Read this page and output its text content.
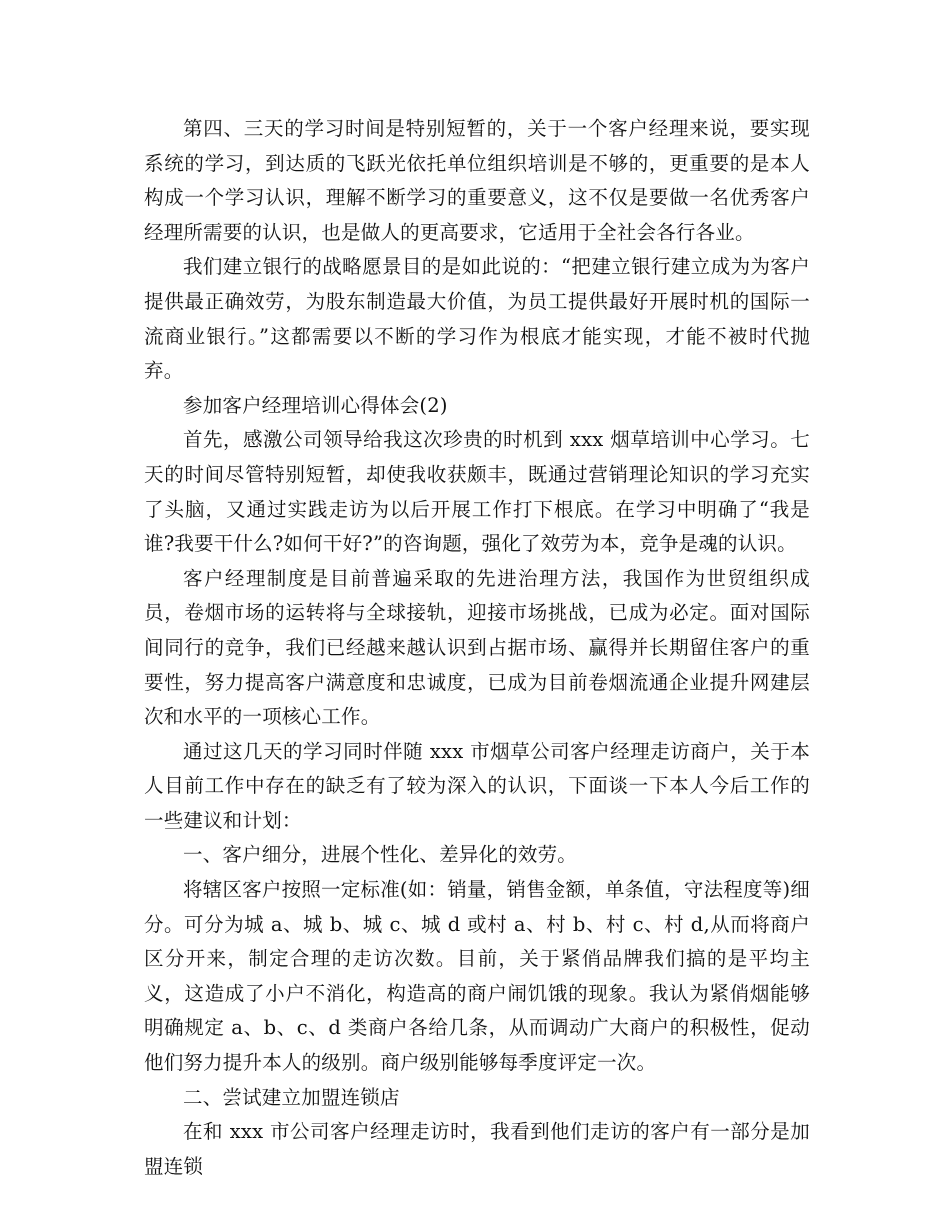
第四、三天的学习时间是特别短暂的，关于一个客户经理来说，要实现系统的学习，到达质的飞跃光依托单位组织培训是不够的，更重要的是本人构成一个学习认识，理解不断学习的重要意义，这不仅是要做一名优秀客户经理所需要的认识，也是做人的更高要求，它适用于全社会各行各业。

我们建立银行的战略愿景目的是如此说的：“把建立银行建立成为为客户提供最正确效劳，为股东制造最大价值，为员工提供最好开展时机的国际一流商业银行。”这都需要以不断的学习作为根底才能实现，才能不被时代抛弃。

参加客户经理培训心得体会(2)

首先，感激公司领导给我这次珍贵的时机到 xxx 烟草培训中心学习。七天的时间尽管特别短暂，却使我收获颇丰，既通过营销理论知识的学习充实了头脑，又通过实践走访为以后开展工作打下根底。在学习中明确了“我是谁?我要干什么?如何干好?”的咨询题，强化了效劳为本，竞争是魂的认识。

客户经理制度是目前普遍采取的先进治理方法，我国作为世贸组织成员，卷烟市场的运转将与全球接轨，迎接市场挑战，已成为必定。面对国际间同行的竞争，我们已经越来越认识到占据市场、赢得并长期留住客户的重要性，努力提高客户满意度和忠诚度，已成为目前卷烟流通企业提升网建层次和水平的一项核心工作。

通过这几天的学习同时伴随 xxx 市烟草公司客户经理走访商户，关于本人目前工作中存在的缺乏有了较为深入的认识，下面谈一下本人今后工作的一些建议和计划：

一、客户细分，进展个性化、差异化的效劳。

将辖区客户按照一定标准(如：销量，销售金额，单条值，守法程度等)细分。可分为城 a、城 b、城 c、城 d 或村 a、村 b、村 c、村 d,从而将商户区分开来，制定合理的走访次数。目前，关于紧俏品牌我们搞的是平均主义，这造成了小户不消化，构造高的商户闹饥饿的现象。我认为紧俏烟能够明确规定 a、b、c、d 类商户各给几条，从而调动广大商户的积极性，促动他们努力提升本人的级别。商户级别能够每季度评定一次。

二、尝试建立加盟连锁店

在和 xxx 市公司客户经理走访时，我看到他们走访的客户有一部分是加盟连锁
